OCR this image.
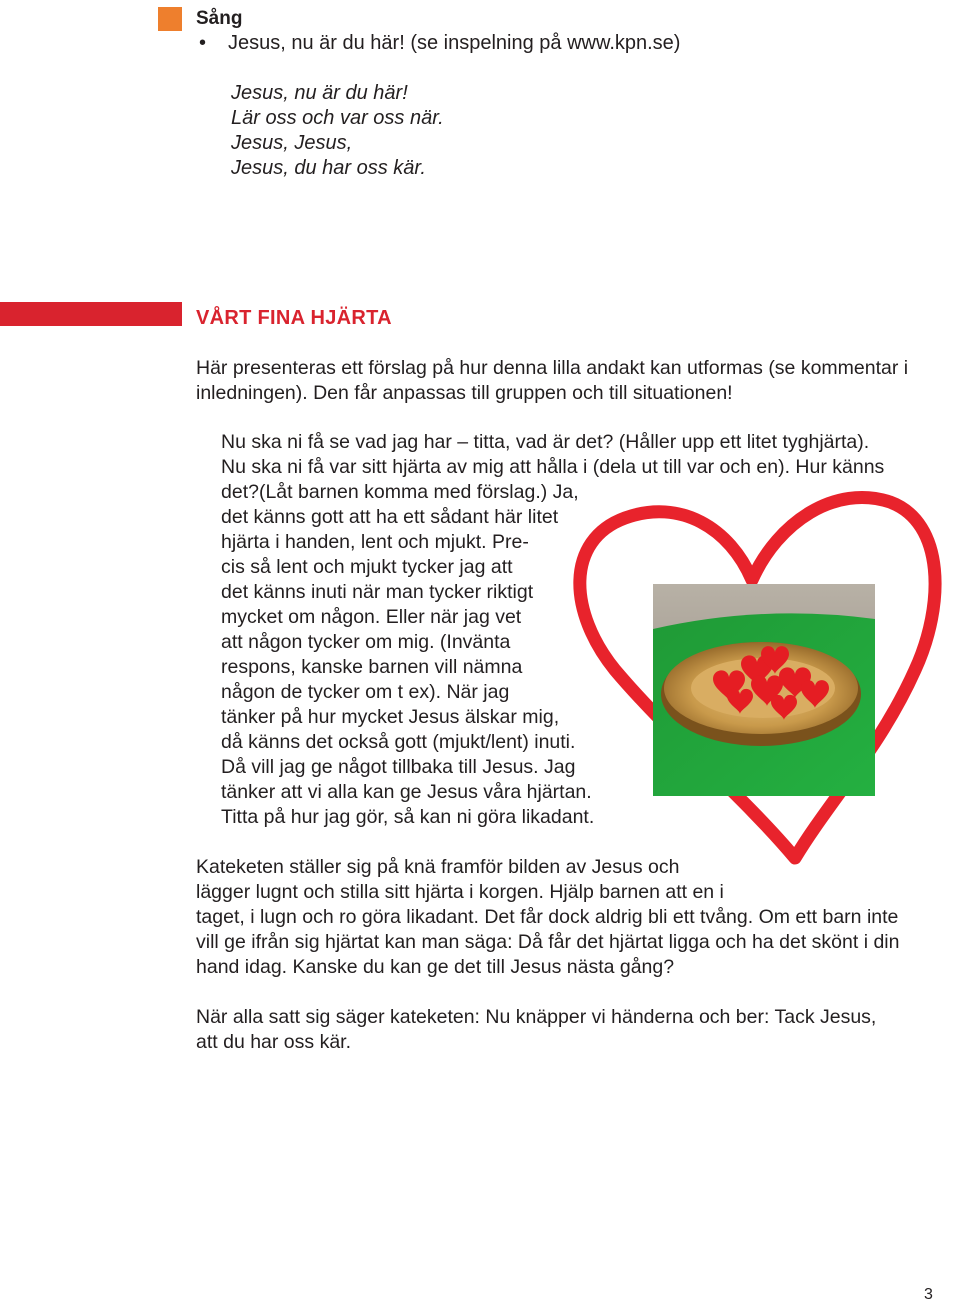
Sång
• Jesus, nu är du här! (se inspelning på www.kpn.se)
Jesus, nu är du här!
Lär oss och var oss när.
Jesus, Jesus,
Jesus, du har oss kär.
VÅRT FINA HJÄRTA
Här presenteras ett förslag på hur denna lilla andakt kan utformas (se kommentar i inledningen). Den får anpassas till gruppen och till situationen!
Nu ska ni få se vad jag har – titta, vad är det? (Håller upp ett litet tyghjärta).
Nu ska ni få var sitt hjärta av mig att hålla i (dela ut till var och en). Hur känns
det?(Låt barnen komma med förslag.) Ja,
det känns gott att ha ett sådant här litet
hjärta i handen, lent och mjukt. Pre-
cis så lent och mjukt tycker jag att
det känns inuti när man tycker riktigt
mycket om någon. Eller när jag vet
att någon tycker om mig. (Invänta
respons, kanske barnen vill nämna
någon de tycker om t ex). När jag
tänker på hur mycket Jesus älskar mig,
då känns det också gott (mjukt/lent) inuti.
Då vill jag ge något tillbaka till Jesus. Jag
tänker att vi alla kan ge Jesus våra hjärtan.
Titta på hur jag gör, så kan ni göra likadant.
Kateketen ställer sig på knä framför bilden av Jesus och
lägger lugnt och stilla sitt hjärta i korgen. Hjälp barnen att en i
taget, i lugn och ro göra likadant. Det får dock aldrig bli ett tvång. Om ett barn inte
vill ge ifrån sig hjärtat kan man säga: Då får det hjärtat ligga och ha det skönt i din
hand idag. Kanske du kan ge det till Jesus nästa gång?
När alla satt sig säger kateketen: Nu knäpper vi händerna och ber: Tack Jesus,
att du har oss kär.
3
